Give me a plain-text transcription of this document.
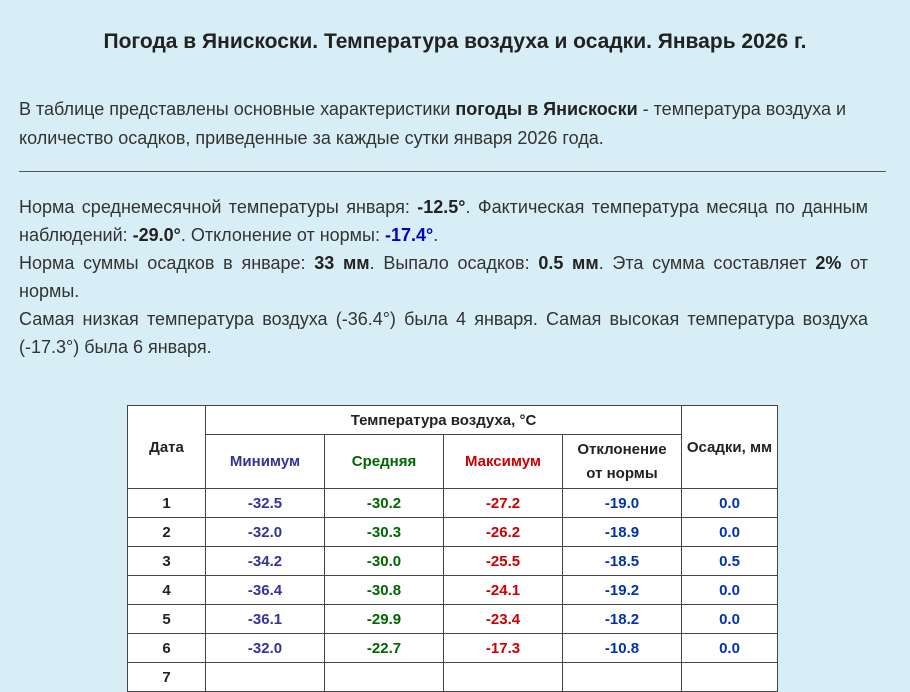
Погода в Янискоски. Температура воздуха и осадки. Январь 2026 г.
В таблице представлены основные характеристики погоды в Янискоски - температура воздуха и количество осадков, приведенные за каждые сутки января 2026 года.

Норма среднемесячной температуры января: -12.5°. Фактическая температура месяца по данным наблюдений: -29.0°. Отклонение от нормы: -17.4°.

Норма суммы осадков в январе: 33 мм. Выпало осадков: 0.5 мм. Эта сумма составляет 2% от нормы.

Самая низкая температура воздуха (-36.4°) была 4 января. Самая высокая температура воздуха (-17.3°) была 6 января.

Дата	Температура воздуха, °C				Осадки, мм
	Минимум	Средняя	Максимум	Отклонение
от нормы	
1	-32.5	-30.2	-27.2	-19.0	0.0
2	-32.0	-30.3	-26.2	-18.9	0.0
3	-34.2	-30.0	-25.5	-18.5	0.5
4	-36.4	-30.8	-24.1	-19.2	0.0
5	-36.1	-29.9	-23.4	-18.2	0.0
6	-32.0	-22.7	-17.3	-10.8	0.0
7					
